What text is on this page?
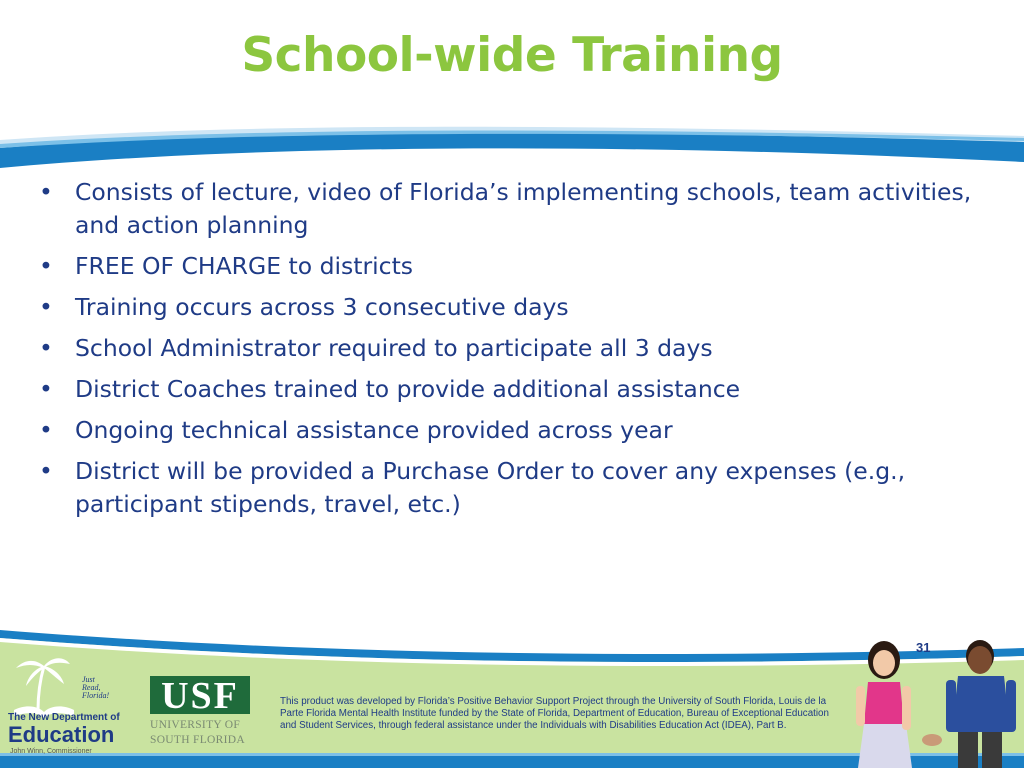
School-wide Training
• Consists of lecture, video of Florida’s implementing schools, team activities, and action planning
• FREE OF CHARGE to districts
• Training occurs across 3 consecutive days
• School Administrator required to participate all 3 days
• District Coaches trained to provide additional assistance
• Ongoing technical assistance provided across year
• District will be provided a Purchase Order to cover any expenses (e.g., participant stipends, travel, etc.)
31
Just
Read,
Florida!
The New Department of
Education
John Winn, Commissioner
USF
UNIVERSITY OF
SOUTH FLORIDA
This product was developed by Florida’s Positive Behavior Support Project through the University of South Florida, Louis de la Parte Florida Mental Health Institute funded by the State of Florida, Department of Education, Bureau of Exceptional Education and Student Services, through federal assistance under the Individuals with Disabilities Education Act (IDEA), Part B.
